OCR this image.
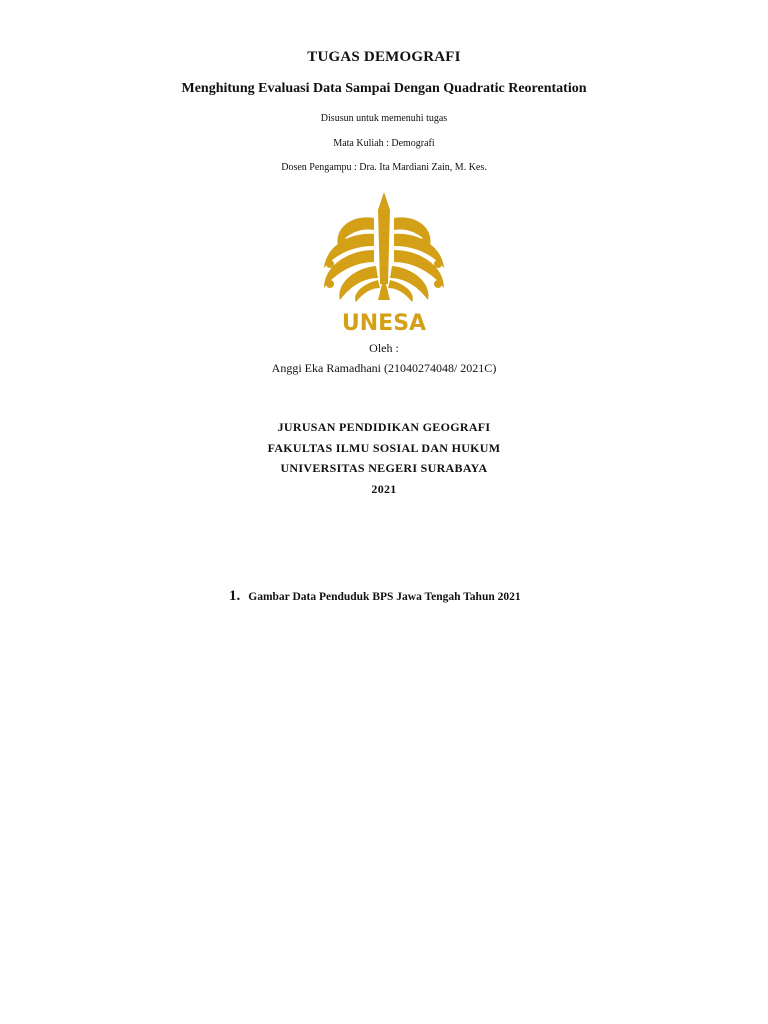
TUGAS DEMOGRAFI
Menghitung Evaluasi Data Sampai Dengan Quadratic Reorentation
Disusun untuk memenuhi tugas
Mata Kuliah : Demografi
Dosen Pengampu : Dra. Ita Mardiani Zain, M. Kes.
UNESA
Oleh :
Anggi Eka Ramadhani (21040274048/ 2021C)
JURUSAN PENDIDIKAN GEOGRAFI
FAKULTAS ILMU SOSIAL DAN HUKUM
UNIVERSITAS NEGERI SURABAYA
2021
1. Gambar Data Penduduk BPS Jawa Tengah Tahun 2021
